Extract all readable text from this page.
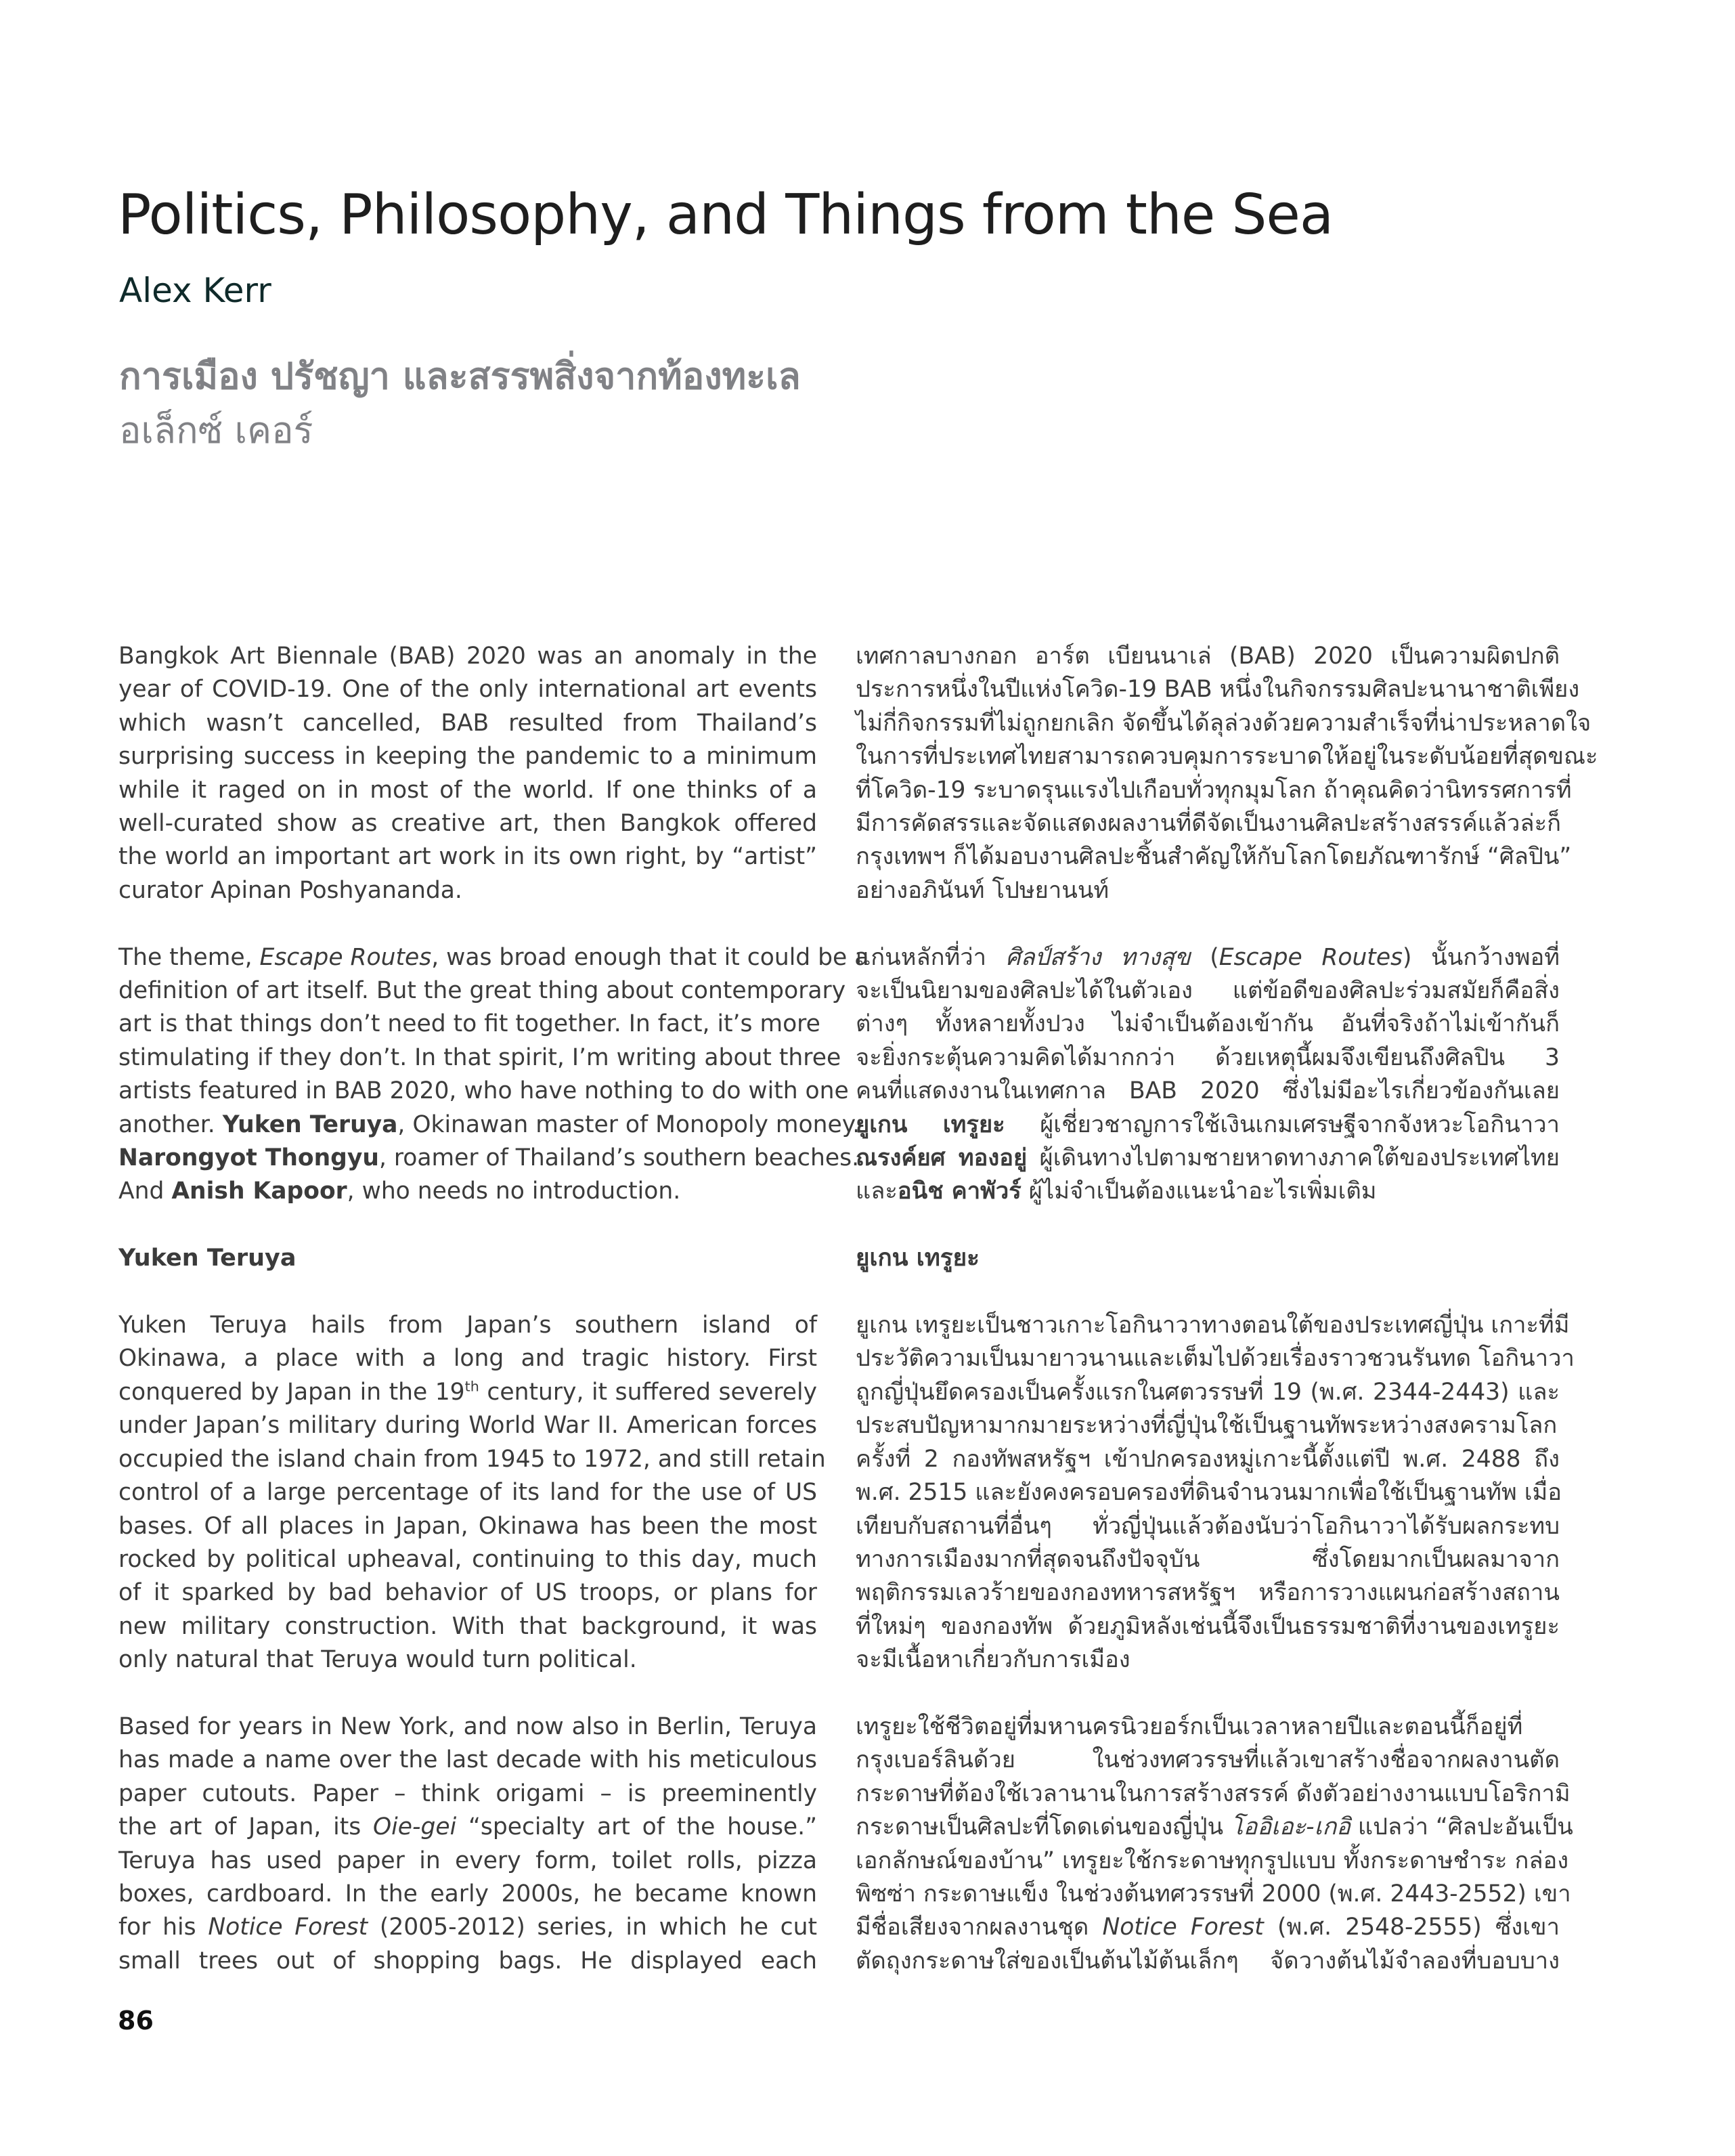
Politics, Philosophy, and Things from the Sea
Alex Kerr
การเมือง ปรัชญา และสรรพสิ่งจากท้องทะเล
อเล็กซ์ เคอร์

Bangkok Art Biennale (BAB) 2020 was an anomaly in the
year of COVID-19. One of the only international art events
which wasn’t cancelled, BAB resulted from Thailand’s
surprising success in keeping the pandemic to a minimum
while it raged on in most of the world. If one thinks of a
well-curated show as creative art, then Bangkok offered
the world an important art work in its own right, by “artist”
curator Apinan Poshyananda.

The theme, Escape Routes, was broad enough that it could be a
definition of art itself. But the great thing about contemporary
art is that things don’t need to fit together. In fact, it’s more
stimulating if they don’t. In that spirit, I’m writing about three
artists featured in BAB 2020, who have nothing to do with one
another. Yuken Teruya, Okinawan master of Monopoly money.
Narongyot Thongyu, roamer of Thailand’s southern beaches.
And Anish Kapoor, who needs no introduction.

Yuken Teruya

Yuken Teruya hails from Japan’s southern island of
Okinawa, a place with a long and tragic history. First
conquered by Japan in the 19th century, it suffered severely
under Japan’s military during World War II. American forces
occupied the island chain from 1945 to 1972, and still retain
control of a large percentage of its land for the use of US
bases. Of all places in Japan, Okinawa has been the most
rocked by political upheaval, continuing to this day, much
of it sparked by bad behavior of US troops, or plans for
new military construction. With that background, it was
only natural that Teruya would turn political.

Based for years in New York, and now also in Berlin, Teruya
has made a name over the last decade with his meticulous
paper cutouts. Paper – think origami – is preeminently
the art of Japan, its Oie-gei “specialty art of the house.”
Teruya has used paper in every form, toilet rolls, pizza
boxes, cardboard. In the early 2000s, he became known
for his Notice Forest (2005-2012) series, in which he cut
small trees out of shopping bags. He displayed each

เทศกาลบางกอก อาร์ต เบียนนาเล่ (BAB) 2020 เป็นความผิดปกติ
ประการหนึ่งในปีแห่งโควิด-19 BAB หนึ่งในกิจกรรมศิลปะนานาชาติเพียง
ไม่กี่กิจกรรมที่ไม่ถูกยกเลิก จัดขึ้นได้ลุล่วงด้วยความสำเร็จที่น่าประหลาดใจ
ในการที่ประเทศไทยสามารถควบคุมการระบาดให้อยู่ในระดับน้อยที่สุดขณะ
ที่โควิด-19 ระบาดรุนแรงไปเกือบทั่วทุกมุมโลก ถ้าคุณคิดว่านิทรรศการที่
มีการคัดสรรและจัดแสดงผลงานที่ดีจัดเป็นงานศิลปะสร้างสรรค์แล้วล่ะก็
กรุงเทพฯ ก็ได้มอบงานศิลปะชิ้นสำคัญให้กับโลกโดยภัณฑารักษ์ “ศิลปิน”
อย่างอภินันท์ โปษยานนท์

แก่นหลักที่ว่า ศิลป์สร้าง ทางสุข (Escape Routes) นั้นกว้างพอที่
จะเป็นนิยามของศิลปะได้ในตัวเอง แต่ข้อดีของศิลปะร่วมสมัยก็คือสิ่ง
ต่างๆ ทั้งหลายทั้งปวง ไม่จำเป็นต้องเข้ากัน อันที่จริงถ้าไม่เข้ากันก็
จะยิ่งกระตุ้นความคิดได้มากกว่า ด้วยเหตุนี้ผมจึงเขียนถึงศิลปิน 3
คนที่แสดงงานในเทศกาล BAB 2020 ซึ่งไม่มีอะไรเกี่ยวข้องกันเลย
ยูเกน เทรูยะ ผู้เชี่ยวชาญการใช้เงินเกมเศรษฐีจากจังหวะโอกินาวา
ณรงค์ยศ ทองอยู่ ผู้เดินทางไปตามชายหาดทางภาคใต้ของประเทศไทย
และอนิช คาพัวร์ ผู้ไม่จำเป็นต้องแนะนำอะไรเพิ่มเติม

ยูเกน เทรูยะ

ยูเกน เทรูยะเป็นชาวเกาะโอกินาวาทางตอนใต้ของประเทศญี่ปุ่น เกาะที่มี
ประวัติความเป็นมายาวนานและเต็มไปด้วยเรื่องราวชวนรันทด โอกินาวา
ถูกญี่ปุ่นยึดครองเป็นครั้งแรกในศตวรรษที่ 19 (พ.ศ. 2344-2443) และ
ประสบปัญหามากมายระหว่างที่ญี่ปุ่นใช้เป็นฐานทัพระหว่างสงครามโลก
ครั้งที่ 2 กองทัพสหรัฐฯ เข้าปกครองหมู่เกาะนี้ตั้งแต่ปี พ.ศ. 2488 ถึง
พ.ศ. 2515 และยังคงครอบครองที่ดินจำนวนมากเพื่อใช้เป็นฐานทัพ เมื่อ
เทียบกับสถานที่อื่นๆ ทั่วญี่ปุ่นแล้วต้องนับว่าโอกินาวาได้รับผลกระทบ
ทางการเมืองมากที่สุดจนถึงปัจจุบัน ซึ่งโดยมากเป็นผลมาจาก
พฤติกรรมเลวร้ายของกองทหารสหรัฐฯ หรือการวางแผนก่อสร้างสถาน
ที่ใหม่ๆ ของกองทัพ ด้วยภูมิหลังเช่นนี้จึงเป็นธรรมชาติที่งานของเทรูยะ
จะมีเนื้อหาเกี่ยวกับการเมือง

เทรูยะใช้ชีวิตอยู่ที่มหานครนิวยอร์กเป็นเวลาหลายปีและตอนนี้ก็อยู่ที่
กรุงเบอร์ลินด้วย ในช่วงทศวรรษที่แล้วเขาสร้างชื่อจากผลงานตัด
กระดาษที่ต้องใช้เวลานานในการสร้างสรรค์ ดังตัวอย่างงานแบบโอริกามิ
กระดาษเป็นศิลปะที่โดดเด่นของญี่ปุ่น โออิเอะ-เกอิ แปลว่า “ศิลปะอันเป็น
เอกลักษณ์ของบ้าน” เทรูยะใช้กระดาษทุกรูปแบบ ทั้งกระดาษชำระ กล่อง
พิซซ่า กระดาษแข็ง ในช่วงต้นทศวรรษที่ 2000 (พ.ศ. 2443-2552) เขา
มีชื่อเสียงจากผลงานชุด Notice Forest (พ.ศ. 2548-2555) ซึ่งเขา
ตัดถุงกระดาษใส่ของเป็นต้นไม้ต้นเล็กๆ จัดวางต้นไม้จำลองที่บอบบาง

86
